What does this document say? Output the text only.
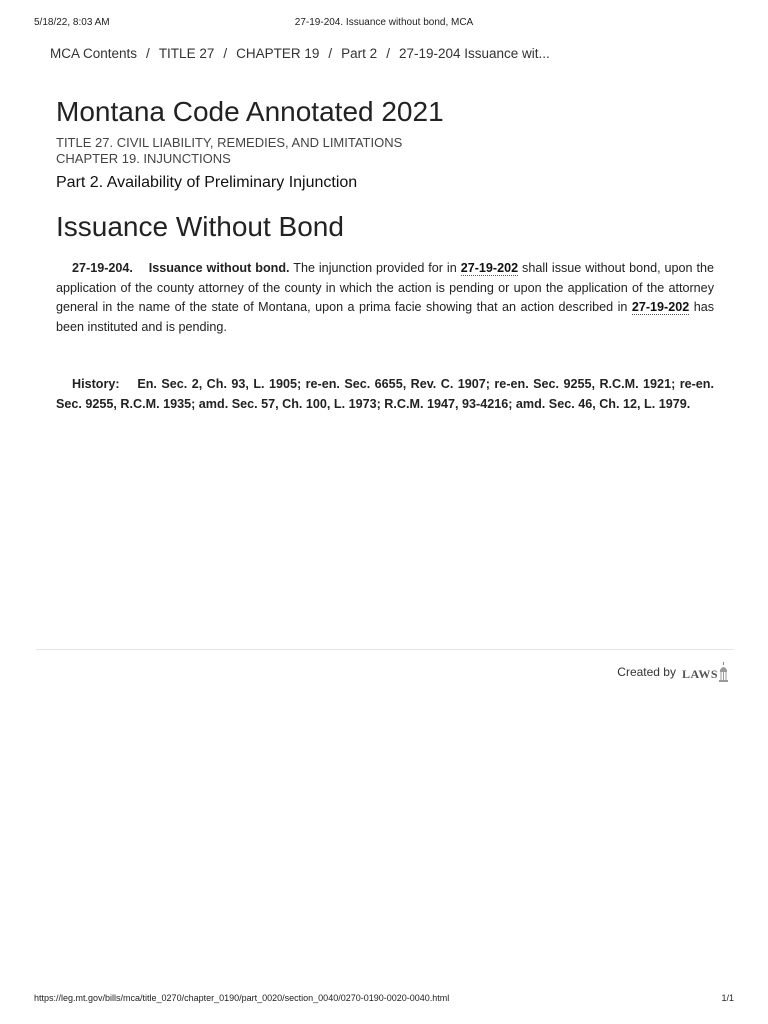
5/18/22, 8:03 AM	27-19-204. Issuance without bond, MCA
MCA Contents / TITLE 27 / CHAPTER 19 / Part 2 / 27-19-204 Issuance wit...
Montana Code Annotated 2021
TITLE 27. CIVIL LIABILITY, REMEDIES, AND LIMITATIONS
CHAPTER 19. INJUNCTIONS
Part 2. Availability of Preliminary Injunction
Issuance Without Bond

27-19-204. Issuance without bond. The injunction provided for in 27-19-202 shall issue without bond, upon the application of the county attorney of the county in which the action is pending or upon the application of the attorney general in the name of the state of Montana, upon a prima facie showing that an action described in 27-19-202 has been instituted and is pending.

History: En. Sec. 2, Ch. 93, L. 1905; re-en. Sec. 6655, Rev. C. 1907; re-en. Sec. 9255, R.C.M. 1921; re-en. Sec. 9255, R.C.M. 1935; amd. Sec. 57, Ch. 100, L. 1973; R.C.M. 1947, 93-4216; amd. Sec. 46, Ch. 12, L. 1979.

Created by LAWS
https://leg.mt.gov/bills/mca/title_0270/chapter_0190/part_0020/section_0040/0270-0190-0020-0040.html	1/1
